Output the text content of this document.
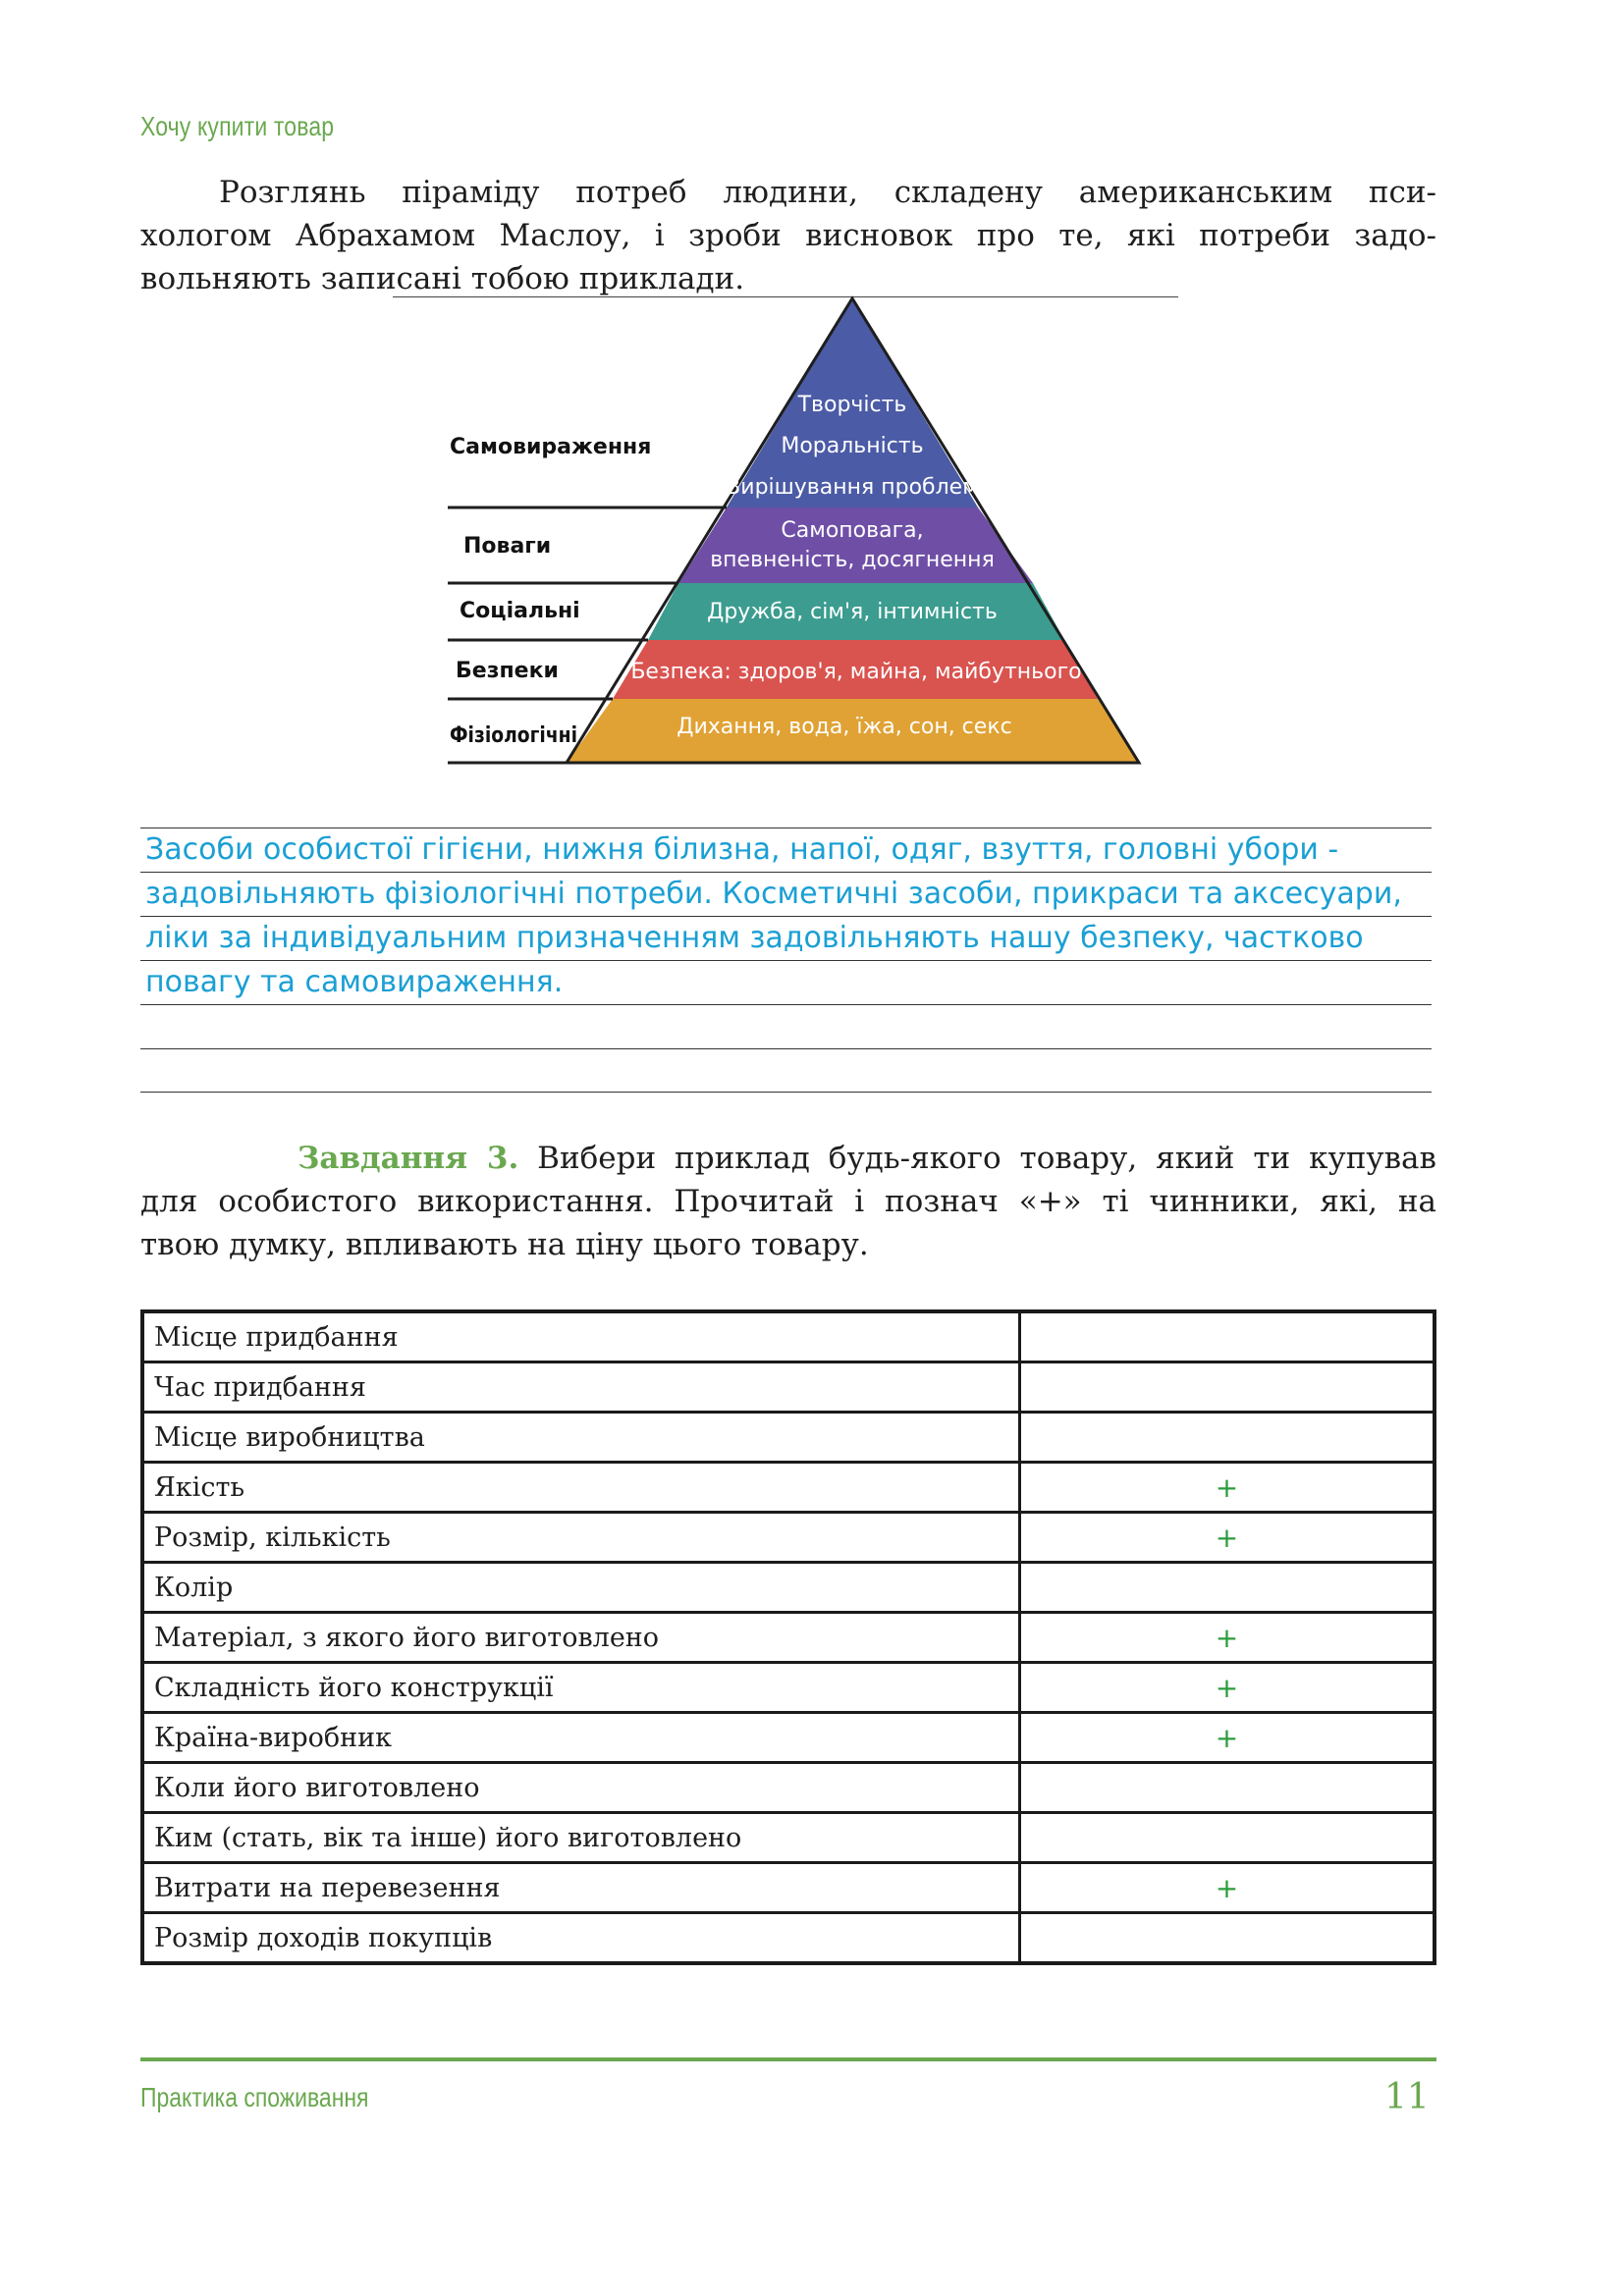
Хочу купити товар
Розглянь піраміду потреб людини, складену американським пси-
хологом Абрахамом Маслоу, і зроби висновок про те, які потреби задо-
вольняють записані тобою приклади.
Самовираження
Поваги
Соціальні
Безпеки
Фізіологічні
Творчість
Моральність
Вирішування проблем
Самоповага,
впевненість, досягнення
Дружба, сім'я, інтимність
Безпека: здоров'я, майна, майбутнього
Дихання, вода, їжа, сон, секс
Засоби особистої гігієни, нижня білизна, напої, одяг, взуття, головні убори -
задовільняють фізіологічні потреби. Косметичні засоби, прикраси та аксесуари,
ліки за індивідуальним призначенням задовільняють нашу безпеку, частково
повагу та самовираження.
Завдання 3. Вибери приклад будь-якого товару, який ти купував
для особистого використання. Прочитай і познач «+» ті чинники, які, на
твою думку, впливають на ціну цього товару.
Місце придбання	
Час придбання	
Місце виробництва	
Якість	+
Розмір, кількість	+
Колір	
Матеріал, з якого його виготовлено	+
Складність його конструкції	+
Країна-виробник	+
Коли його виготовлено	
Ким (стать, вік та інше) його виготовлено	
Витрати на перевезення	+
Розмір доходів покупців	
Практика споживання	11
